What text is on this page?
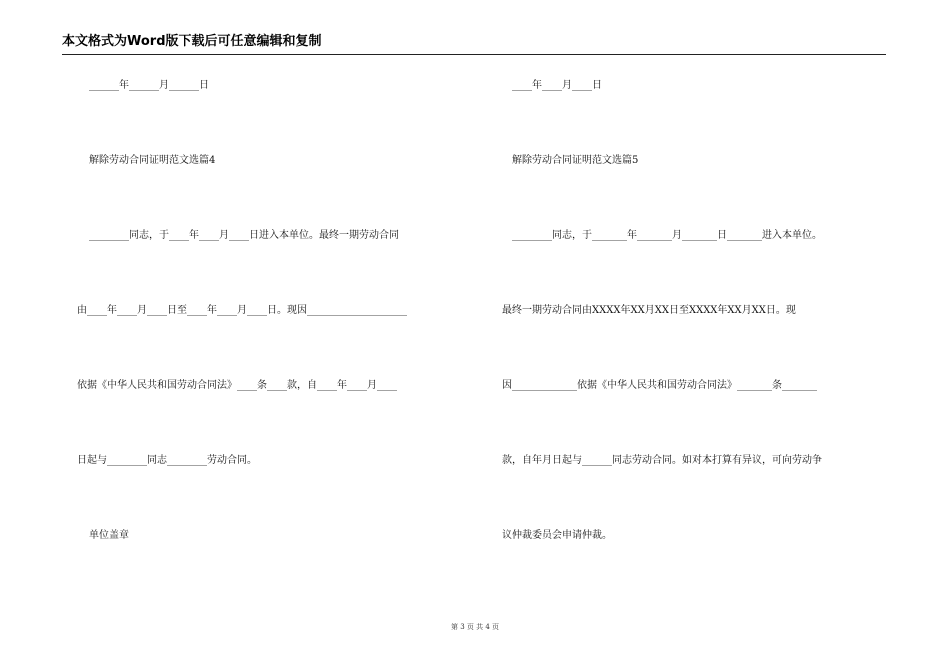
本文格式为Word版下载后可任意编辑和复制
______年______月______日
解除劳动合同证明范文选篇4
________同志，于____年____月____日进入本单位。最终一期劳动合同
由____年____月____日至____年____月____日。现因____________________
依据《中华人民共和国劳动合同法》____条____款，自____年____月____
日起与________同志________劳动合同。
单位盖章
____年____月____日
解除劳动合同证明范文选篇5
________同志，于_______年_______月_______日_______进入本单位。
最终一期劳动合同由XXXX年XX月XX日至XXXX年XX月XX日。现
因_____________依据《中华人民共和国劳动合同法》_______条_______
款，自年月日起与______同志劳动合同。如对本打算有异议，可向劳动争
议仲裁委员会申请仲裁。
第 3 页 共 4 页
